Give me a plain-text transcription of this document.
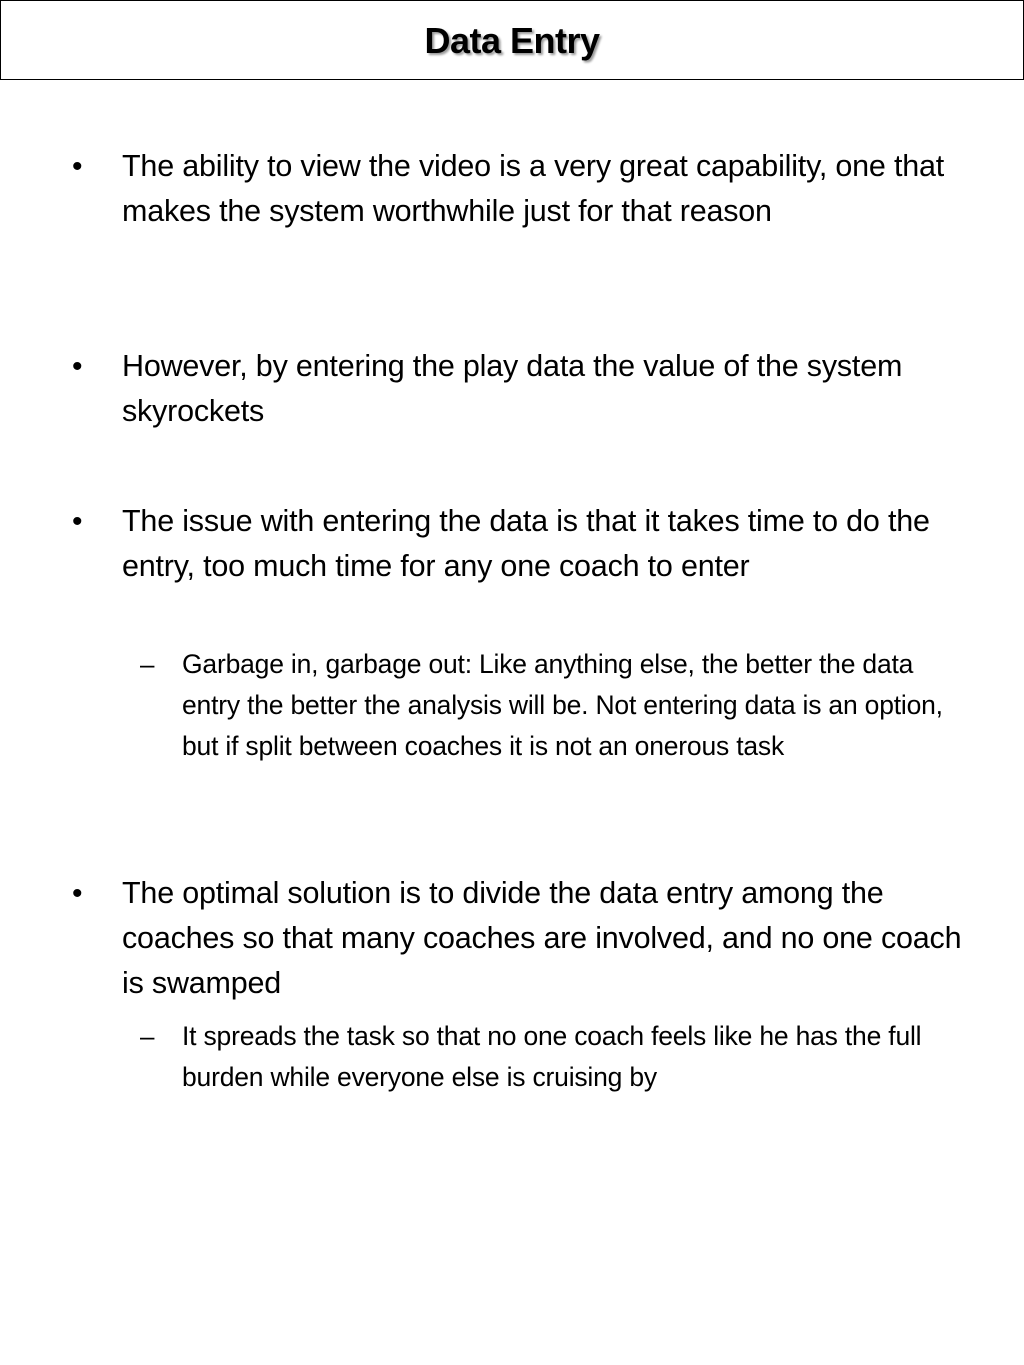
Data Entry
•	The ability to view the video is a very great capability, one that makes the system worthwhile just for that reason
•	However, by entering the play data the value of the system skyrockets
•	The issue with entering the data is that it takes time to do the entry, too much time for any one coach to enter
– Garbage in, garbage out: Like anything else, the better the data entry the better the analysis will be. Not entering data is an option, but if split between coaches it is not an onerous task
•	The optimal solution is to divide the data entry among the coaches so that many coaches are involved, and no one coach is swamped
– It spreads the task so that no one coach feels like he has the full burden while everyone else is cruising by
